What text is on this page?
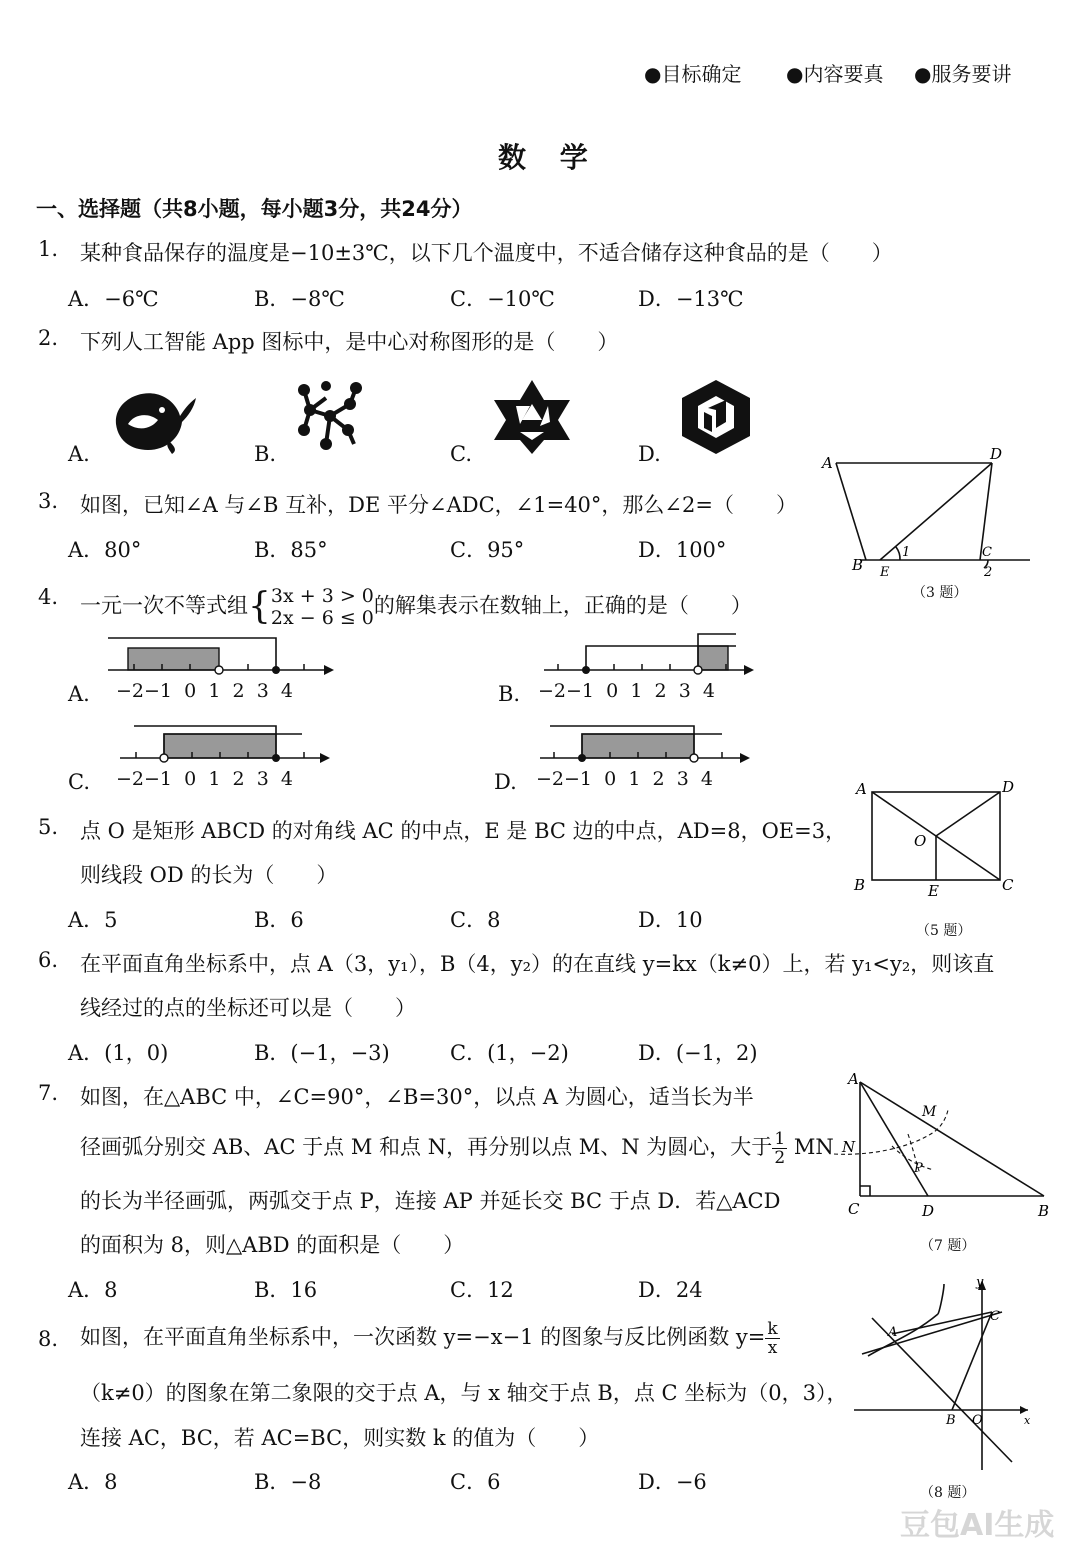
●目标确定 ●内容要真 ●服务要讲
数 学
一、选择题（共8小题，每小题3分，共24分）
1. 某种食品保存的温度是−10±3℃，以下几个温度中，不适合储存这种食品的是（　　）
A．−6℃	B．−8℃	C．−10℃	D．−13℃
2. 下列人工智能 App 图标中，是中心对称图形的是（　　）
A.	B.	C.	D.
3. 如图，已知∠A 与∠B 互补，DE 平分∠ADC，∠1=40°，那么∠2=（　　）
A．80°	B．85°	C．95°	D．100°
A	D
B E
1	C
2
（3 题）
4. 一元一次不等式组{ 3x + 3 > 0
2x − 6 ≤ 0
的解集表示在数轴上，正确的是（　　）
A. −2−1 0 1 2 3 4	B. −2−1 0 1 2 3 4
C. −2−1 0 1 2 3 4	D. −2−1 0 1 2 3 4
5. 点 O 是矩形 ABCD 的对角线 AC 的中点，E 是 BC 边的中点，AD=8，OE=3，
则线段 OD 的长为（　　）
A．5	B．6	C．8	D．10
A	D
O
B	E	C
（5 题）
6. 在平面直角坐标系中，点 A（3，y₁），B（4，y₂）的在直线 y=kx（k≠0）上，若 y₁<y₂，则该直
线经过的点的坐标还可以是（　　）
A．(1，0)	B．(−1，−3)	C．(1，−2)	D．(−1，2)
7. 如图，在△ABC 中，∠C=90°，∠B=30°，以点 A 为圆心，适当长为半
径画弧分别交 AB、AC 于点 M 和点 N，再分别以点 M、N 为圆心，大于 $\frac{1}{2}$ MN
的长为半径画弧，两弧交于点 P，连接 AP 并延长交 BC 于点 D．若△ACD
的面积为 8，则△ABD 的面积是（　　）
A．8	B．16	C．12	D．24
A
M
N
P
C	D	B
（7 题）
8. 如图，在平面直角坐标系中，一次函数 y=−x−1 的图象与反比例函数 $y= \frac{k}{x}$
（k≠0）的图象在第二象限的交于点 A，与 x 轴交于点 B，点 C 坐标为（0，3），
连接 AC，BC，若 AC=BC，则实数 k 的值为（　　）
A．8	B．−8	C．6	D．−6
y
C
A
B O	x
（8 题）
豆包AI生成
